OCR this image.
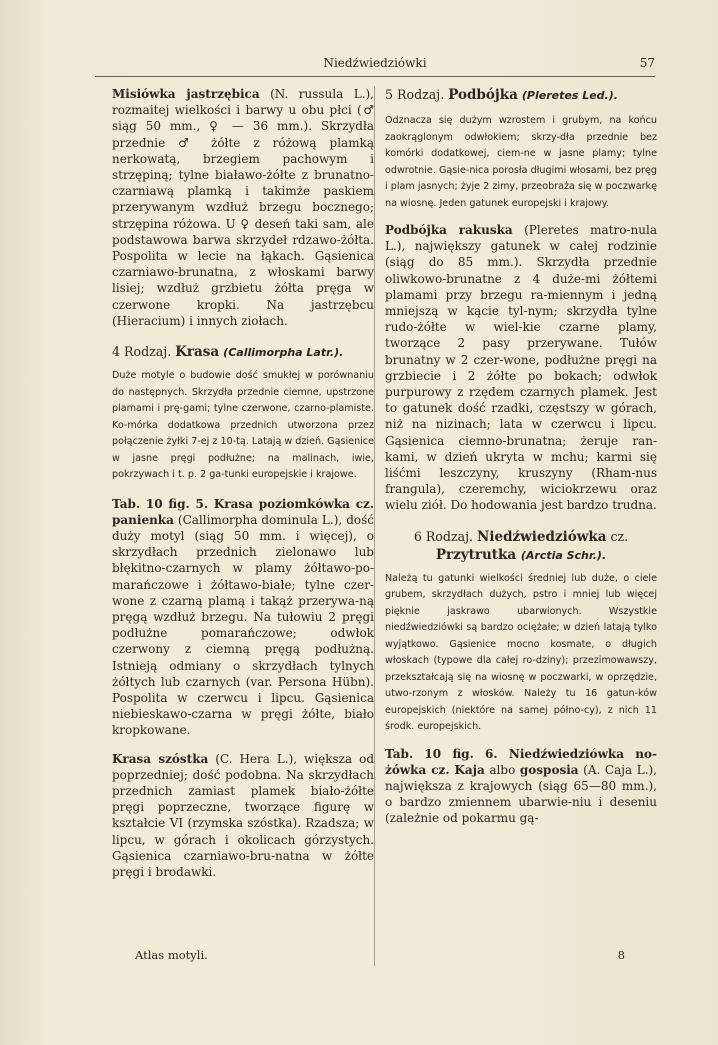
Niedźwiedziówki	57

Misiówka jastrzębica (N. russula L.), rozmaitej wielkości i barwy u obu płci (♂ siąg 50 mm., ♀ — 36 mm.). Skrzydła przednie ♂ żółte z różową plamką nerkowatą, brzegiem pachowym i strzępiną; tylne białawo-żółte z brunatno-czarniawą plamką i takimże paskiem przerywanym wzdłuż brzegu bocznego; strzępina różowa. U ♀ deseń taki sam, ale podstawowa barwa skrzydeł rdzawo-żółta. Pospolita w lecie na łąkach. Gąsienica czarniawo-brunatna, z włoskami barwy lisiej; wzdłuż grzbietu żółta pręga w czerwone kropki. Na jastrzębcu (Hieracium) i innych ziołach.

4 Rodzaj. Krasa (Callimorpha Latr.).

Duże motyle o budowie dość smukłej w porównaniu do następnych. Skrzydła przednie ciemne, upstrzone plamami i prę-gami; tylne czerwone, czarno-plamiste. Ko-mórka dodatkowa przednich utworzona przez połączenie żyłki 7-ej z 10-tą. Latają w dzień. Gąsienice w jasne pręgi podłużne; na malinach, iwie, pokrzywach i t. p. 2 ga-tunki europejskie i krajowe.

Tab. 10 fig. 5. Krasa poziomkówka cz. panienka (Callimorpha dominula L.), dość duży motyl (siąg 50 mm. i więcej), o skrzydłach przednich zielonawo lub błękitno-czarnych w plamy żółtawo-po-marańczowe i żółtawo-białe; tylne czer-wone z czarną plamą i takąż przerywa-ną pręgą wzdłuż brzegu. Na tułowiu 2 pręgi podłużne pomarańczowe; odwłok czerwony z ciemną pręgą podłużną. Istnieją odmiany o skrzydłach tylnych żółtych lub czarnych (var. Persona Hübn). Pospolita w czerwcu i lipcu. Gąsienica niebieskawo-czarna w pręgi żółte, biało kropkowane.

Krasa szóstka (C. Hera L.), większa od poprzedniej; dość podobna. Na skrzydłach przednich zamiast plamek biało-żółte pręgi poprzeczne, tworzące figurę w kształcie VI (rzymska szóstka). Rzadsza; w lipcu, w górach i okolicach górzystych. Gąsienica czarniawo-bru-natna w żółte pręgi i brodawki.

5 Rodzaj. Podbójka (Pleretes Led.).

Odznacza się dużym wzrostem i grubym, na końcu zaokrąglonym odwłokiem; skrzy-dła przednie bez komórki dodatkowej, ciem-ne w jasne plamy; tylne odwrotnie. Gąsie-nica porosła długimi włosami, bez pręg i plam jasnych; żyje 2 zimy, przeobraża się w poczwarkę na wiosnę. Jeden gatunek europejski i krajowy.

Podbójka rakuska (Pleretes matro-nula L.), największy gatunek w całej rodzinie (siąg do 85 mm.). Skrzydła przednie oliwkowo-brunatne z 4 duże-mi żółtemi plamami przy brzegu ra-miennym i jedną mniejszą w kącie tyl-nym; skrzydła tylne rudo-żółte w wiel-kie czarne plamy, tworzące 2 pasy przerywane. Tułów brunatny w 2 czer-wone, podłużne pręgi na grzbiecie i 2 żółte po bokach; odwłok purpurowy z rzędem czarnych plamek. Jest to gatunek dość rzadki, częstszy w górach, niż na nizinach; lata w czerwcu i lipcu. Gąsienica ciemno-brunatna; żeruje ran-kami, w dzień ukryta w mchu; karmi się liśćmi leszczyny, kruszyny (Rham-nus frangula), czeremchy, wiciokrzewu oraz wielu ziół. Do hodowania jest bardzo trudna.

6 Rodzaj. Niedźwiedziówka cz.

Przytrutka (Arctia Schr.).

Należą tu gatunki wielkości średniej lub duże, o ciele grubem, skrzydłach dużych, pstro i mniej lub więcej pięknie jaskrawo ubarwionych. Wszystkie niedźwiedziówki są bardzo ociężałe; w dzień latają tylko wyjątkowo. Gąsienice mocno kosmate, o długich włoskach (typowe dla całej ro-dziny); przezimowawszy, przekształcają się na wiosnę w poczwarki, w oprzędzie, utwo-rzonym z włosków. Należy tu 16 gatun-ków europejskich (niektóre na samej półno-cy), z nich 11 środk. europejskich.

Tab. 10 fig. 6. Niedźwiedziówka no-żówka cz. Kaja albo gosposia (A. Caja L.), największa z krajowych (siąg 65—80 mm.), o bardzo zmiennem ubarwie-niu i deseniu (zależnie od pokarmu gą-

Atlas motyli.	8
